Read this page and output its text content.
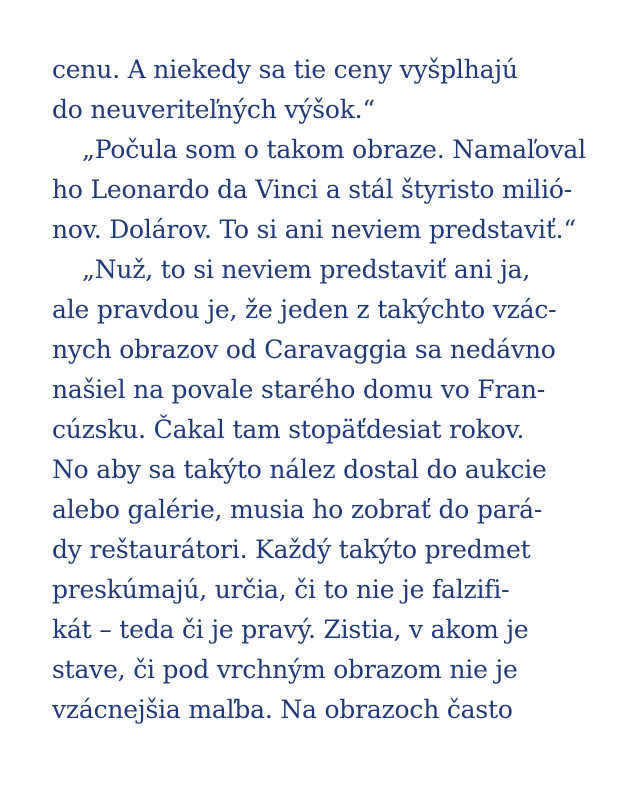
cenu. A niekedy sa tie ceny vyšplhajú
do neuveriteľných výšok.“
„Počula som o takom obraze. Namaľoval
ho Leonardo da Vinci a stál štyristo milió-
nov. Dolárov. To si ani neviem predstaviť.“
„Nuž, to si neviem predstaviť ani ja,
ale pravdou je, že jeden z takýchto vzác-
nych obrazov od Caravaggia sa nedávno
našiel na povale starého domu vo Fran-
cúzsku. Čakal tam stopäťdesiat rokov.
No aby sa takýto nález dostal do aukcie
alebo galérie, musia ho zobrať do pará-
dy reštaurátori. Každý takýto predmet
preskúmajú, určia, či to nie je falzifi-
kát – teda či je pravý. Zistia, v akom je
stave, či pod vrchným obrazom nie je
vzácnejšia maľba. Na obrazoch často
